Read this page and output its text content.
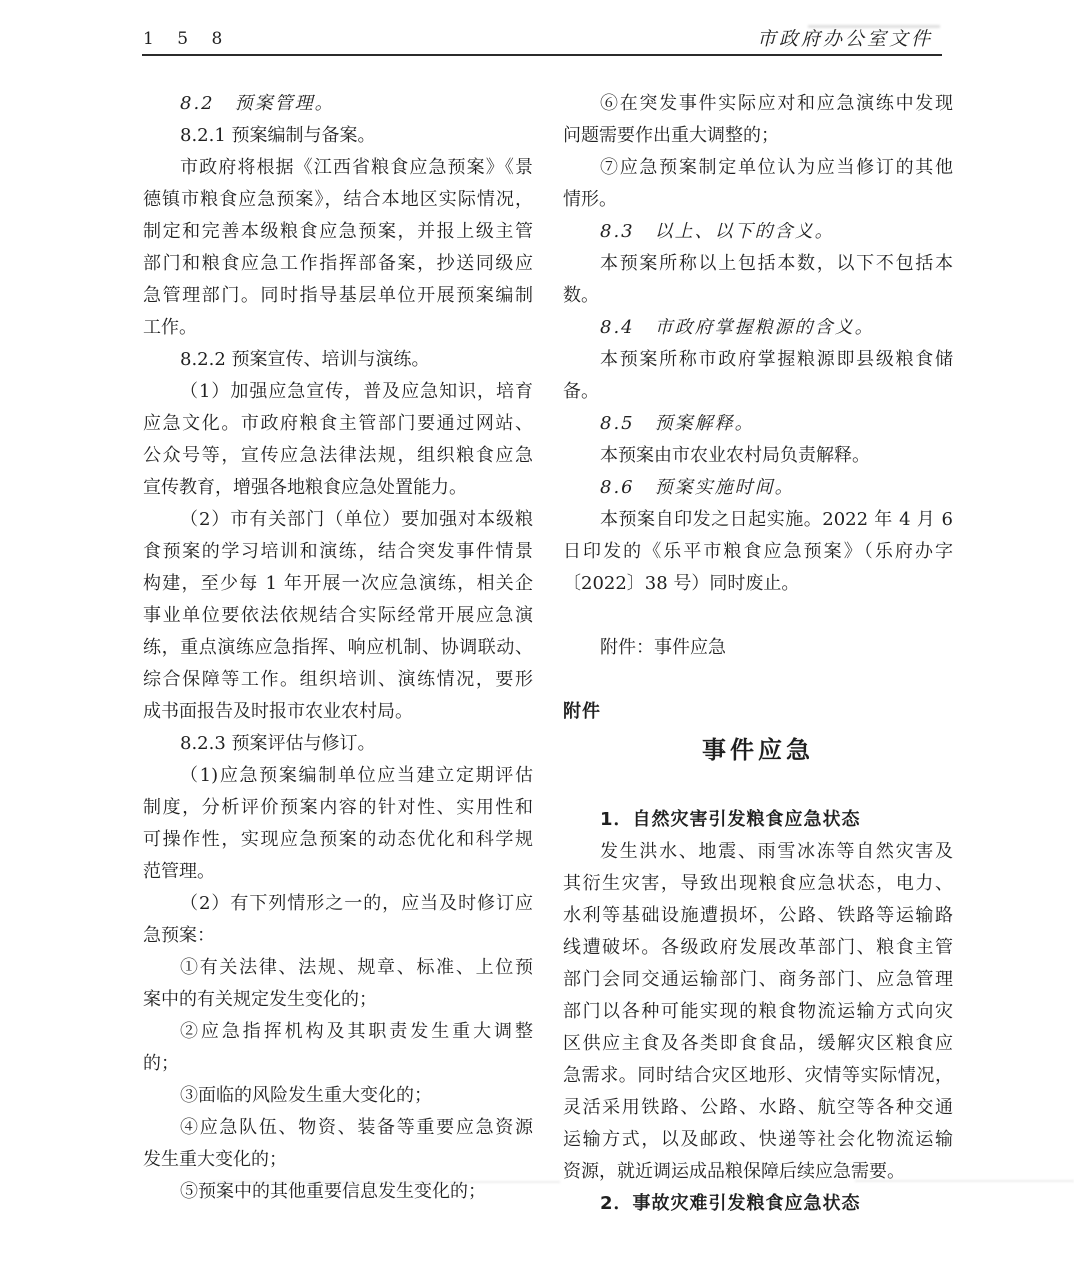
1 5 8	市政府办公室文件
8.2　预案管理。
8.2.1 预案编制与备案。
市政府将根据《江西省粮食应急预案》《景
德镇市粮食应急预案》，结合本地区实际情况，
制定和完善本级粮食应急预案，并报上级主管
部门和粮食应急工作指挥部备案，抄送同级应
急管理部门。同时指导基层单位开展预案编制
工作。
8.2.2 预案宣传、培训与演练。
（1）加强应急宣传，普及应急知识，培育
应急文化。市政府粮食主管部门要通过网站、
公众号等，宣传应急法律法规，组织粮食应急
宣传教育，增强各地粮食应急处置能力。
（2）市有关部门（单位）要加强对本级粮
食预案的学习培训和演练，结合突发事件情景
构建，至少每 1 年开展一次应急演练，相关企
事业单位要依法依规结合实际经常开展应急演
练，重点演练应急指挥、响应机制、协调联动、
综合保障等工作。组织培训、演练情况，要形
成书面报告及时报市农业农村局。
8.2.3 预案评估与修订。
（1)应急预案编制单位应当建立定期评估
制度，分析评价预案内容的针对性、实用性和
可操作性，实现应急预案的动态优化和科学规
范管理。
（2）有下列情形之一的，应当及时修订应
急预案：
①有关法律、法规、规章、标准、上位预
案中的有关规定发生变化的；
②应急指挥机构及其职责发生重大调整
的；
③面临的风险发生重大变化的；
④应急队伍、物资、装备等重要应急资源
发生重大变化的；
⑤预案中的其他重要信息发生变化的；
⑥在突发事件实际应对和应急演练中发现
问题需要作出重大调整的；
⑦应急预案制定单位认为应当修订的其他
情形。
8.3　以上、以下的含义。
本预案所称以上包括本数，以下不包括本
数。
8.4　市政府掌握粮源的含义。
本预案所称市政府掌握粮源即县级粮食储
备。
8.5　预案解释。
本预案由市农业农村局负责解释。
8.6　预案实施时间。
本预案自印发之日起实施。2022 年 4 月 6
日印发的《乐平市粮食应急预案》（乐府办字
〔2022〕38 号）同时废止。
附件：事件应急
附件
事件应急
1．自然灾害引发粮食应急状态
发生洪水、地震、雨雪冰冻等自然灾害及
其衍生灾害，导致出现粮食应急状态，电力、
水利等基础设施遭损坏，公路、铁路等运输路
线遭破坏。各级政府发展改革部门、粮食主管
部门会同交通运输部门、商务部门、应急管理
部门以各种可能实现的粮食物流运输方式向灾
区供应主食及各类即食食品，缓解灾区粮食应
急需求。同时结合灾区地形、灾情等实际情况，
灵活采用铁路、公路、水路、航空等各种交通
运输方式，以及邮政、快递等社会化物流运输
资源，就近调运成品粮保障后续应急需要。
2．事故灾难引发粮食应急状态
